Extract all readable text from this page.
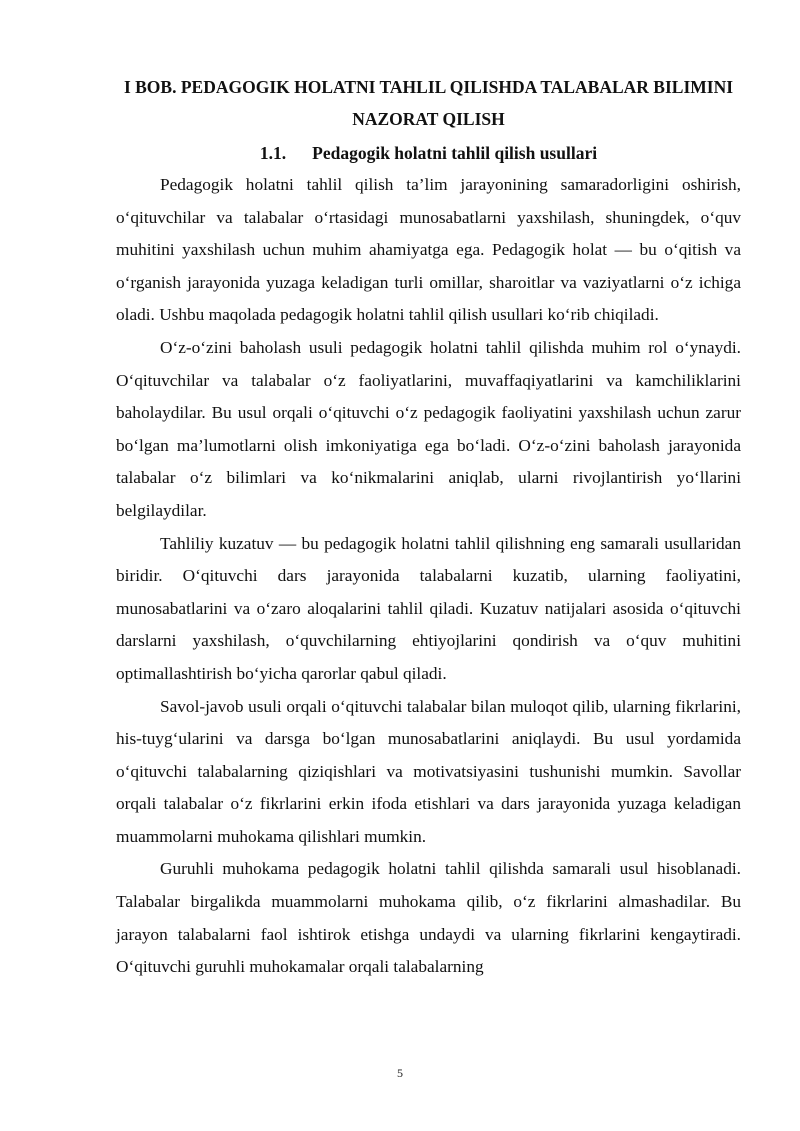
I BOB. PEDAGOGIK HOLATNI TAHLIL QILISHDA TALABALAR BILIMINI NAZORAT QILISH
1.1. Pedagogik holatni tahlil qilish usullari

Pedagogik holatni tahlil qilish ta’lim jarayonining samaradorligini oshirish, o‘qituvchilar va talabalar o‘rtasidagi munosabatlarni yaxshilash, shuningdek, o‘quv muhitini yaxshilash uchun muhim ahamiyatga ega. Pedagogik holat — bu o‘qitish va o‘rganish jarayonida yuzaga keladigan turli omillar, sharoitlar va vaziyatlarni o‘z ichiga oladi. Ushbu maqolada pedagogik holatni tahlil qilish usullari ko‘rib chiqiladi.

O‘z-o‘zini baholash usuli pedagogik holatni tahlil qilishda muhim rol o‘ynaydi. O‘qituvchilar va talabalar o‘z faoliyatlarini, muvaffaqiyatlarini va kamchiliklarini baholaydilar. Bu usul orqali o‘qituvchi o‘z pedagogik faoliyatini yaxshilash uchun zarur bo‘lgan ma’lumotlarni olish imkoniyatiga ega bo‘ladi. O‘z-o‘zini baholash jarayonida talabalar o‘z bilimlari va ko‘nikmalarini aniqlab, ularni rivojlantirish yo‘llarini belgilaydilar.

Tahliliy kuzatuv — bu pedagogik holatni tahlil qilishning eng samarali usullaridan biridir. O‘qituvchi dars jarayonida talabalarni kuzatib, ularning faoliyatini, munosabatlarini va o‘zaro aloqalarini tahlil qiladi. Kuzatuv natijalari asosida o‘qituvchi darslarni yaxshilash, o‘quvchilarning ehtiyojlarini qondirish va o‘quv muhitini optimallashtirish bo‘yicha qarorlar qabul qiladi.

Savol-javob usuli orqali o‘qituvchi talabalar bilan muloqot qilib, ularning fikrlarini, his-tuyg‘ularini va darsga bo‘lgan munosabatlarini aniqlaydi. Bu usul yordamida o‘qituvchi talabalarning qiziqishlari va motivatsiyasini tushunishi mumkin. Savollar orqali talabalar o‘z fikrlarini erkin ifoda etishlari va dars jarayonida yuzaga keladigan muammolarni muhokama qilishlari mumkin.

Guruhli muhokama pedagogik holatni tahlil qilishda samarali usul hisoblanadi. Talabalar birgalikda muammolarni muhokama qilib, o‘z fikrlarini almashadilar. Bu jarayon talabalarni faol ishtirok etishga undaydi va ularning fikrlarini kengaytiradi. O‘qituvchi guruhli muhokamalar orqali talabalarning

5
